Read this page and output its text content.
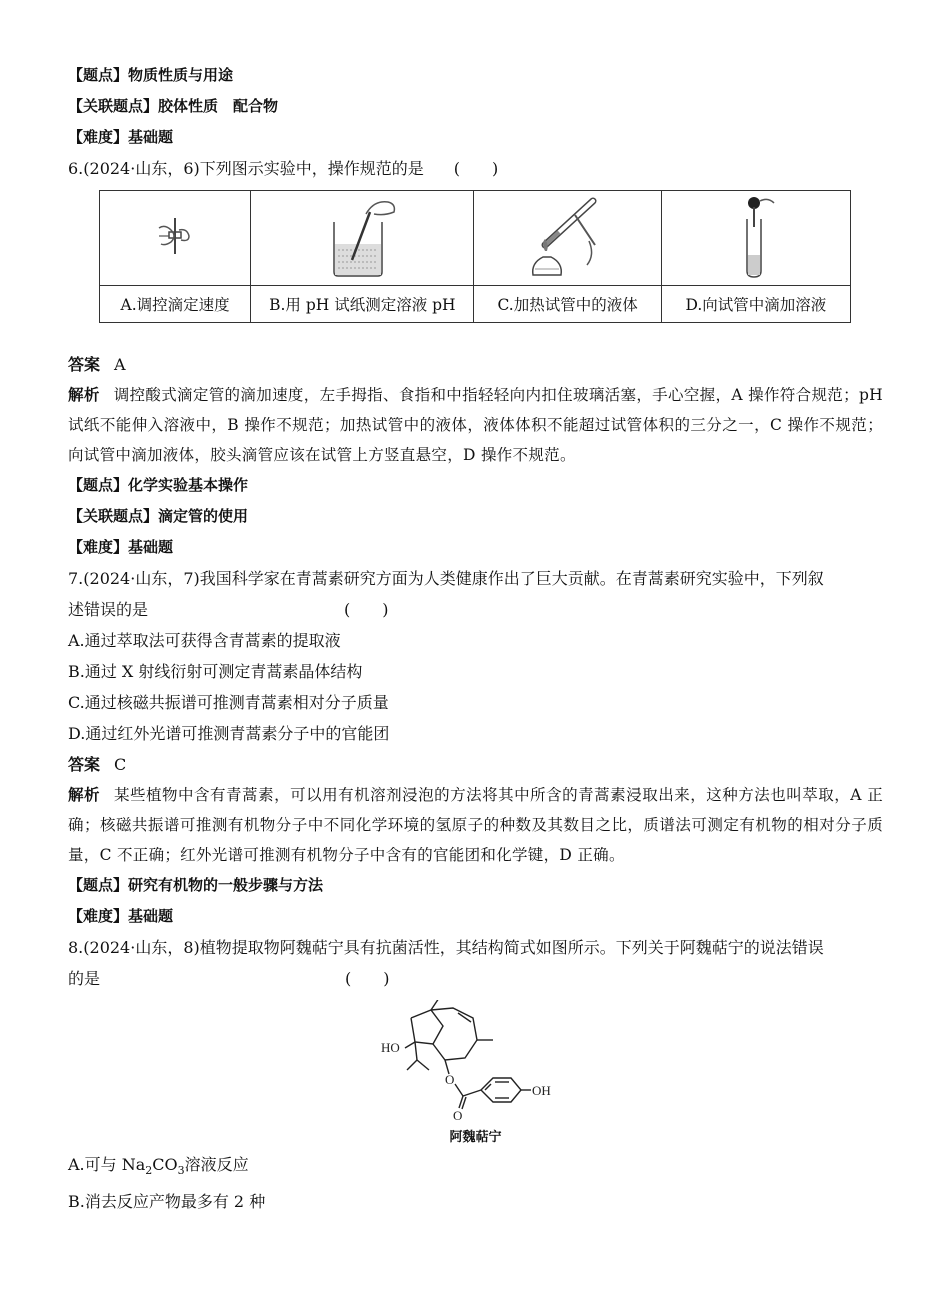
【题点】物质性质与用途
【关联题点】胶体性质　配合物
【难度】基础题
6.(2024·山东，6)下列图示实验中，操作规范的是 (　　)

A.调控滴定速度	B.用 pH 试纸测定溶液 pH	C.加热试管中的液体	D.向试管中滴加溶液
答案 A
解析 调控酸式滴定管的滴加速度，左手拇指、食指和中指轻轻向内扣住玻璃活塞，手心空握，A 操作符合规范；pH 试纸不能伸入溶液中，B 操作不规范；加热试管中的液体，液体体积不能超过试管体积的三分之一，C 操作不规范；向试管中滴加液体，胶头滴管应该在试管上方竖直悬空，D 操作不规范。
【题点】化学实验基本操作
【关联题点】滴定管的使用
【难度】基础题
7.(2024·山东，7)我国科学家在青蒿素研究方面为人类健康作出了巨大贡献。在青蒿素研究实验中，下列叙
述错误的是	(　　)
A.通过萃取法可获得含青蒿素的提取液
B.通过 X 射线衍射可测定青蒿素晶体结构
C.通过核磁共振谱可推测青蒿素相对分子质量
D.通过红外光谱可推测青蒿素分子中的官能团
答案 C
解析 某些植物中含有青蒿素，可以用有机溶剂浸泡的方法将其中所含的青蒿素浸取出来，这种方法也叫萃取，A 正确；核磁共振谱可推测有机物分子中不同化学环境的氢原子的种数及其数目之比，质谱法可测定有机物的相对分子质量，C 不正确；红外光谱可推测有机物分子中含有的官能团和化学键，D 正确。
【题点】研究有机物的一般步骤与方法
【难度】基础题
8.(2024·山东，8)植物提取物阿魏萜宁具有抗菌活性，其结构简式如图所示。下列关于阿魏萜宁的说法错误
的是	(　　)
HO
O
O
OH
阿魏萜宁
A.可与 $Na_2CO_3$溶液反应
B.消去反应产物最多有 2 种
